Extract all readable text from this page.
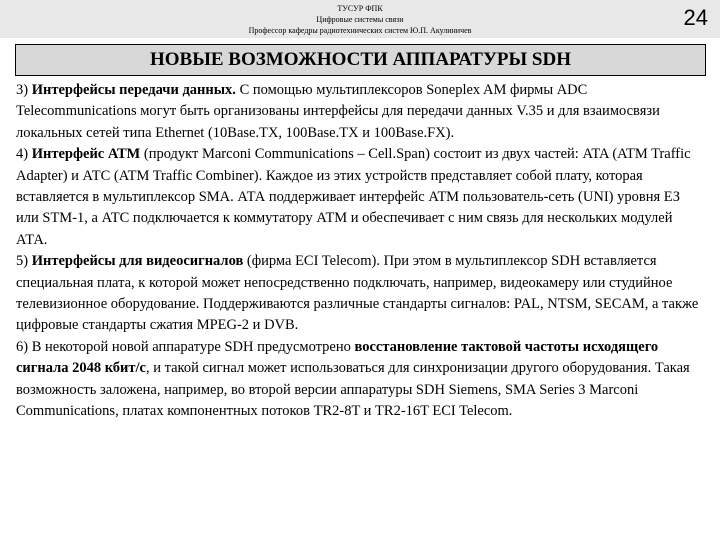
ТУСУР ФПК
Цифровые системы связи
Профессор кафедры радиотехнических систем Ю.П. Акулиничев
24
НОВЫЕ ВОЗМОЖНОСТИ АППАРАТУРЫ SDH

3) Интерфейсы передачи данных. С помощью мультиплексоров Soneplex AM фирмы ADC Telecommunications могут быть организованы интерфейсы для передачи данных V.35 и для взаимосвязи локальных сетей типа Ethernet (10Base.TX, 100Base.TX и 100Base.FX).

4) Интерфейс АТМ (продукт Marconi Communications – Cell.Span) состоит из двух частей: ATA (ATM Traffic Adapter) и АТС (ATM Traffic Combiner). Каждое из этих устройств представляет собой плату, которая вставляется в мультиплексор SMA. АТА поддерживает интерфейс АТМ пользователь-сеть (UNI) уровня ЕЗ или STM-1, а АТС подключается к коммутатору АТМ и обеспечивает с ним связь для нескольких модулей АТА.

5) Интерфейсы для видеосигналов (фирма ECI Telecom). При этом в мультиплексор SDH вставляется специальная плата, к которой может непосредственно подключать, например, видеокамеру или студийное телевизионное оборудование. Поддерживаются различные стандарты сигналов: PAL, NTSM, SECAM, а также цифровые стандарты сжатия MPEG-2 и DVB.

6) В некоторой новой аппаратуре SDH предусмотрено восстановление тактовой частоты исходящего сигнала 2048 кбит/с, и такой сигнал может использоваться для синхронизации другого оборудования. Такая возможность заложена, например, во второй версии аппаратуры SDH Siemens, SMA Series 3 Marconi Communications, платах компонентных потоков TR2-8T и TR2-16T ECI Telecom.
